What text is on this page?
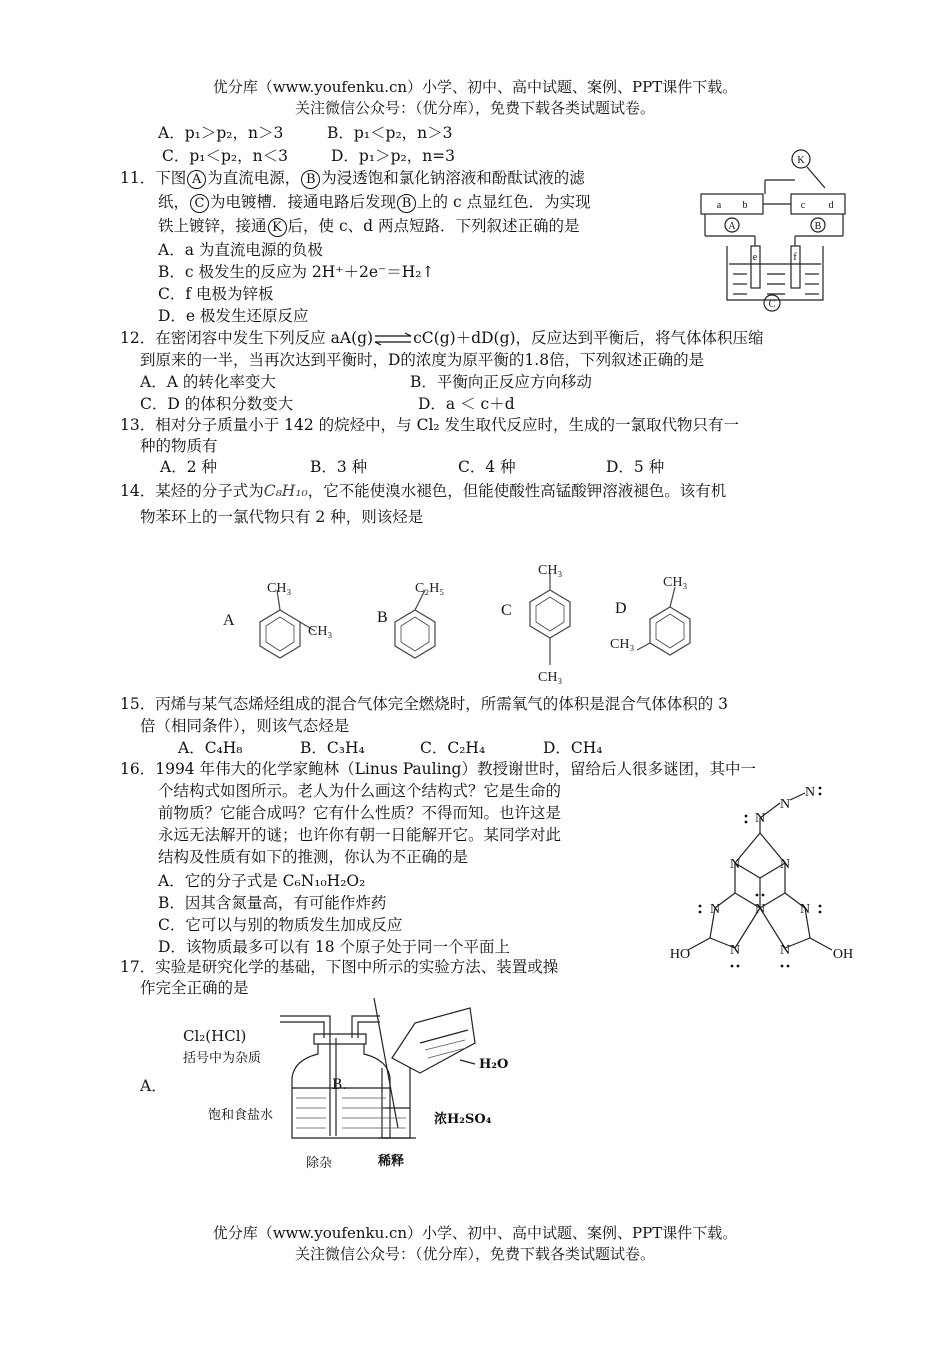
优分库（www.youfenku.cn）小学、初中、高中试题、案例、PPT课件下载。
关注微信公众号：（优分库），免费下载各类试题试卷。
A．p₁＞p₂，n＞3	B．p₁＜p₂，n＞3
C．p₁＜p₂，n＜3	D．p₁＞p₂，n=3
11．下图 A 为直流电源， B 为浸透饱和氯化钠溶液和酚酞试液的滤
纸， C 为电镀槽．接通电路后发现 B 上的 c 点显红色．为实现
铁上镀锌，接通 K 后，使 c、d 两点短路．下列叙述正确的是
A．a 为直流电源的负极
B．c 极发生的反应为 2H⁺＋2e⁻＝H₂↑
C．f 电极为锌板
D．e 极发生还原反应
K
a b	c d
A	B
e	f
C
12．在密闭容中发生下列反应 aA(g)⇌cC(g)＋dD(g)，反应达到平衡后，将气体体积压缩
到原来的一半，当再次达到平衡时，D的浓度为原平衡的1.8倍，下列叙述正确的是
A．A 的转化率变大	B．平衡向正反应方向移动
C．D 的体积分数变大	D．a ＜ c＋d
13．相对分子质量小于 142 的烷烃中，与 Cl₂ 发生取代反应时，生成的一氯取代物只有一
种的物质有
A．2 种	B．3 种	C．4 种	D．5 种
14．某烃的分子式为C₈H₁₀，它不能使溴水褪色，但能使酸性高锰酸钾溶液褪色。该有机
物苯环上的一氯代物只有 2 种，则该烃是
A	B	C	D
CH₃
CH₃
C₂H₅
CH₃
CH₃
CH₃
CH₃
15．丙烯与某气态烯烃组成的混合气体完全燃烧时，所需氧气的体积是混合气体体积的 3
倍（相同条件），则该气态烃是
A．C₄H₈	B．C₃H₄	C．C₂H₄	D．CH₄
16．1994 年伟大的化学家鲍林（Linus Pauling）教授谢世时，留给后人很多谜团，其中一
个结构式如图所示。老人为什么画这个结构式？它是生命的
前物质？它能合成吗？它有什么性质？不得而知。也许这是
永远无法解开的谜；也许你有朝一日能解开它。某同学对此
结构及性质有如下的推测，你认为不正确的是
A．它的分子式是 C₆N₁₀H₂O₂
B．因其含氮量高，有可能作炸药
C．它可以与别的物质发生加成反应
D．该物质最多可以有 18 个原子处于同一个平面上
N
N	N
N
N	N
N	N
N
N
HO	OH
17．实验是研究化学的基础，下图中所示的实验方法、装置或操
作完全正确的是
A．
Cl₂(HCl)
括号中为杂质
饱和食盐水
除杂
B．
H₂O
浓H₂SO₄
稀释
优分库（www.youfenku.cn）小学、初中、高中试题、案例、PPT课件下载。
关注微信公众号：（优分库），免费下载各类试题试卷。
